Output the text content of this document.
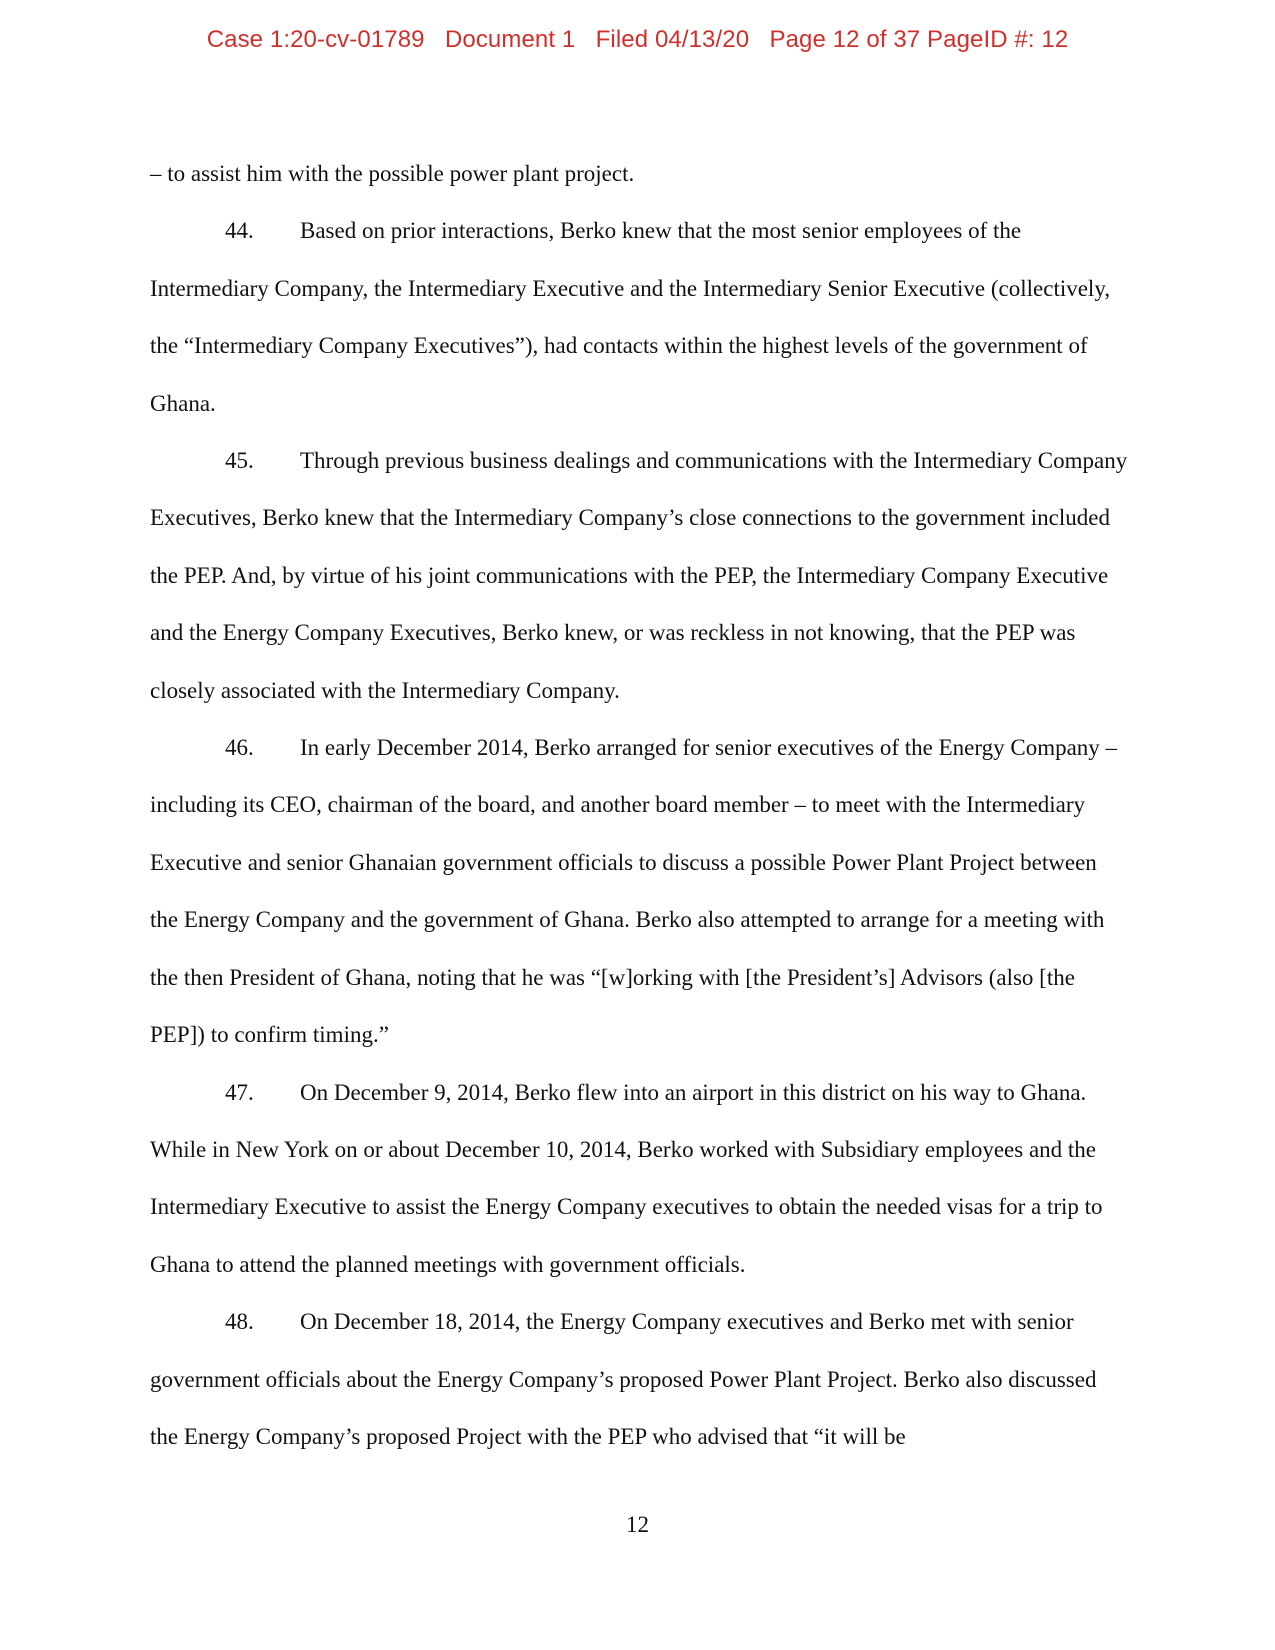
Case 1:20-cv-01789 Document 1 Filed 04/13/20 Page 12 of 37 PageID #: 12

– to assist him with the possible power plant project.

44. Based on prior interactions, Berko knew that the most senior employees of the Intermediary Company, the Intermediary Executive and the Intermediary Senior Executive (collectively, the “Intermediary Company Executives”), had contacts within the highest levels of the government of Ghana.

45. Through previous business dealings and communications with the Intermediary Company Executives, Berko knew that the Intermediary Company’s close connections to the government included the PEP. And, by virtue of his joint communications with the PEP, the Intermediary Company Executive and the Energy Company Executives, Berko knew, or was reckless in not knowing, that the PEP was closely associated with the Intermediary Company.

46. In early December 2014, Berko arranged for senior executives of the Energy Company – including its CEO, chairman of the board, and another board member – to meet with the Intermediary Executive and senior Ghanaian government officials to discuss a possible Power Plant Project between the Energy Company and the government of Ghana. Berko also attempted to arrange for a meeting with the then President of Ghana, noting that he was “[w]orking with [the President’s] Advisors (also [the PEP]) to confirm timing.”

47. On December 9, 2014, Berko flew into an airport in this district on his way to Ghana. While in New York on or about December 10, 2014, Berko worked with Subsidiary employees and the Intermediary Executive to assist the Energy Company executives to obtain the needed visas for a trip to Ghana to attend the planned meetings with government officials.

48. On December 18, 2014, the Energy Company executives and Berko met with senior government officials about the Energy Company’s proposed Power Plant Project. Berko also discussed the Energy Company’s proposed Project with the PEP who advised that “it will be

12
